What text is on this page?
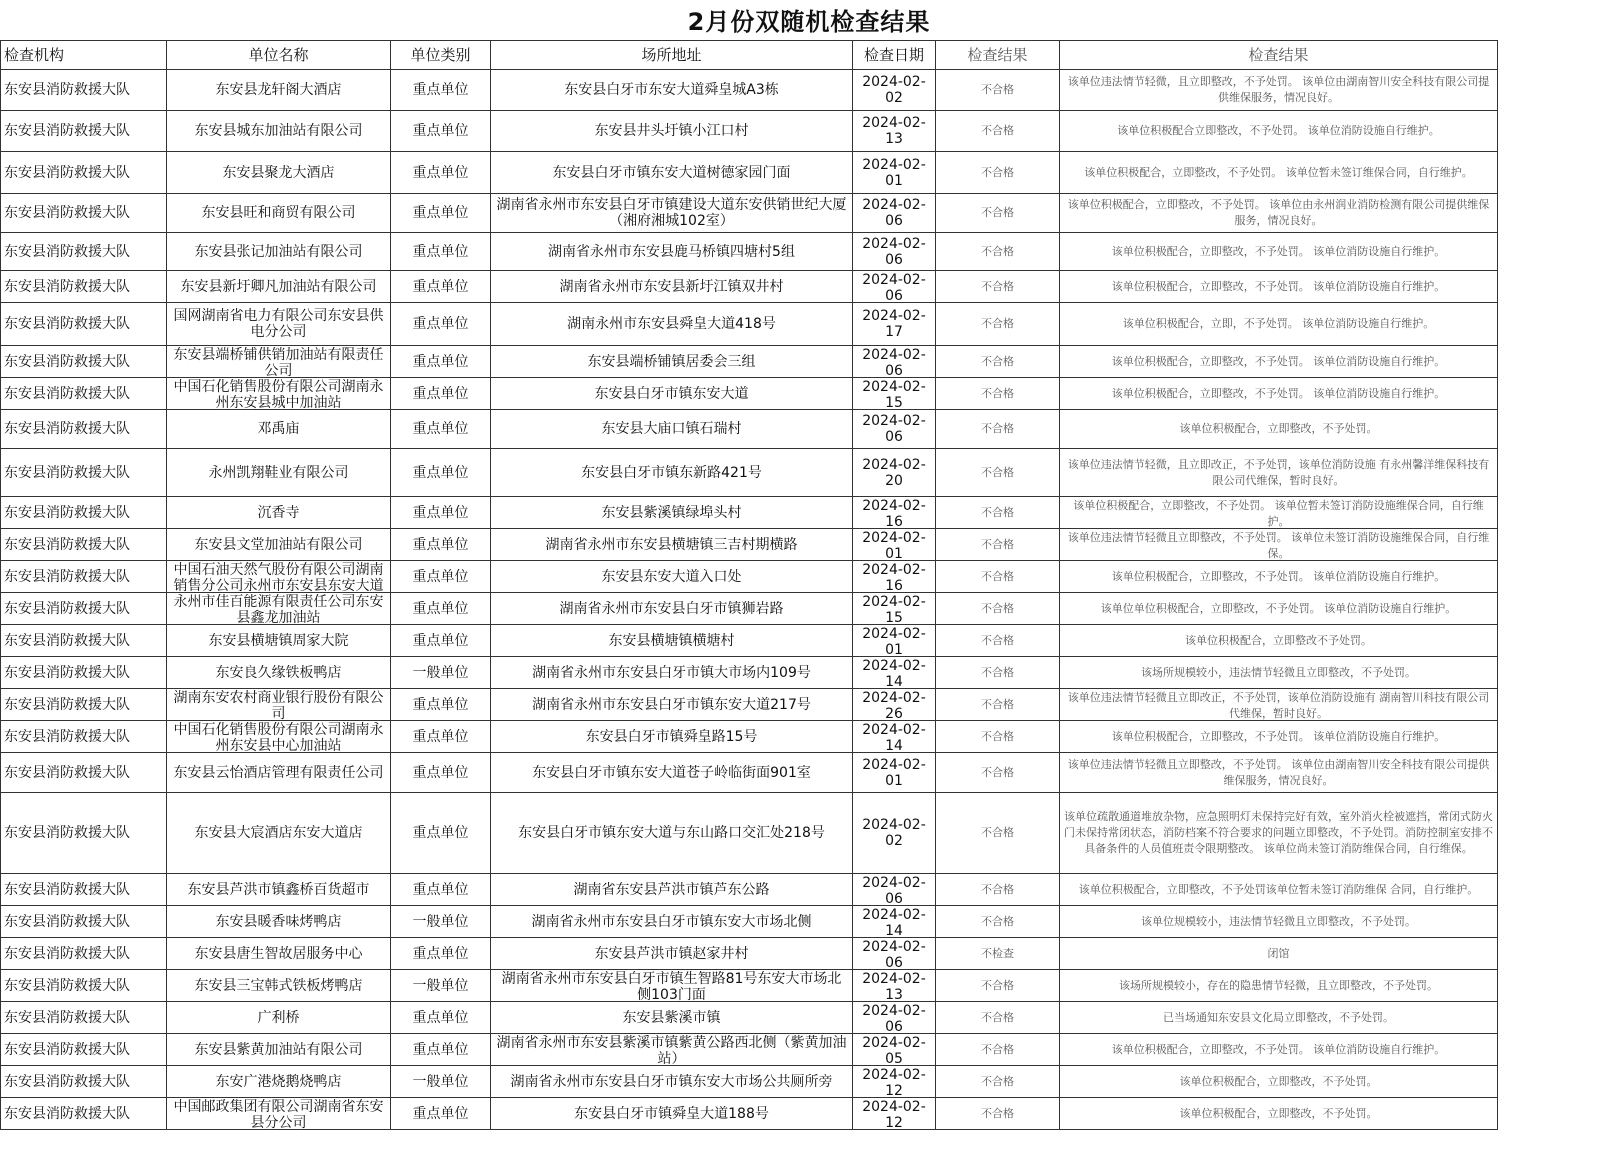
2月份双随机检查结果
检查机构	单位名称	单位类别	场所地址	检查日期	检查结果	检查结果

东安县消防救援大队	东安县龙轩阁大酒店	重点单位	东安县白牙市东安大道舜皇城A3栋	2024-02-02	不合格	该单位违法情节轻微，且立即整改，不予处罚。 该单位由湖南智川安全科技有限公司提供维保服务，情况良好。

东安县消防救援大队	东安县城东加油站有限公司	重点单位	东安县井头圩镇小江口村	2024-02-13	不合格	该单位积极配合立即整改，不予处罚。 该单位消防设施自行维护。

东安县消防救援大队	东安县聚龙大酒店	重点单位	东安县白牙市镇东安大道树德家园门面	2024-02-01	不合格	该单位积极配合，立即整改，不予处罚。 该单位暂未签订维保合同，自行维护。

东安县消防救援大队	东安县旺和商贸有限公司	重点单位	湖南省永州市东安县白牙市镇建设大道东安供销世纪大厦（湘府湘城102室）	2024-02-06	不合格	该单位积极配合，立即整改，不予处罚。 该单位由永州润业消防检测有限公司提供维保服务，情况良好。

东安县消防救援大队	东安县张记加油站有限公司	重点单位	湖南省永州市东安县鹿马桥镇四塘村5组	2024-02-06	不合格	该单位积极配合，立即整改，不予处罚。 该单位消防设施自行维护。

东安县消防救援大队	东安县新圩卿凡加油站有限公司	重点单位	湖南省永州市东安县新圩江镇双井村	2024-02-06	不合格	该单位积极配合，立即整改，不予处罚。 该单位消防设施自行维护。

东安县消防救援大队	国网湖南省电力有限公司东安县供电分公司	重点单位	湖南永州市东安县舜皇大道418号	2024-02-17	不合格	该单位积极配合，立即，不予处罚。 该单位消防设施自行维护。

东安县消防救援大队	东安县端桥铺供销加油站有限责任公司	重点单位	东安县端桥铺镇居委会三组	2024-02-06	不合格	该单位积极配合，立即整改，不予处罚。 该单位消防设施自行维护。

东安县消防救援大队	中国石化销售股份有限公司湖南永州东安县城中加油站	重点单位	东安县白牙市镇东安大道	2024-02-15	不合格	该单位积极配合，立即整改，不予处罚。 该单位消防设施自行维护。

东安县消防救援大队	邓禹庙	重点单位	东安县大庙口镇石瑞村	2024-02-06	不合格	该单位积极配合，立即整改，不予处罚。

东安县消防救援大队	永州凯翔鞋业有限公司	重点单位	东安县白牙市镇东新路421号	2024-02-20	不合格	该单位违法情节轻微，且立即改正，不予处罚，该单位消防设施 有永州馨洋维保科技有限公司代维保，暂时良好。

东安县消防救援大队	沉香寺	重点单位	东安县紫溪镇绿埠头村	2024-02-16	不合格	该单位积极配合，立即整改，不予处罚。 该单位暂未签订消防设施维保合同，自行维护。

东安县消防救援大队	东安县文堂加油站有限公司	重点单位	湖南省永州市东安县横塘镇三吉村期横路	2024-02-01	不合格	该单位违法情节轻微且立即整改，不予处罚。 该单位未签订消防设施维保合同，自行维保。

东安县消防救援大队	中国石油天然气股份有限公司湖南销售分公司永州市东安县东安大道	重点单位	东安县东安大道入口处	2024-02-16	不合格	该单位积极配合，立即整改，不予处罚。 该单位消防设施自行维护。

东安县消防救援大队	永州市佳百能源有限责任公司东安县鑫龙加油站	重点单位	湖南省永州市东安县白牙市镇狮岩路	2024-02-15	不合格	该单位单位积极配合，立即整改，不予处罚。 该单位消防设施自行维护。

东安县消防救援大队	东安县横塘镇周家大院	重点单位	东安县横塘镇横塘村	2024-02-01	不合格	该单位积极配合，立即整改不予处罚。

东安县消防救援大队	东安良久缘铁板鸭店	一般单位	湖南省永州市东安县白牙市镇大市场内109号	2024-02-14	不合格	该场所规模较小，违法情节轻微且立即整改，不予处罚。

东安县消防救援大队	湖南东安农村商业银行股份有限公司	重点单位	湖南省永州市东安县白牙市镇东安大道217号	2024-02-26	不合格	该单位违法情节轻微且立即改正，不予处罚，该单位消防设施有 湖南智川科技有限公司代维保，暂时良好。

东安县消防救援大队	中国石化销售股份有限公司湖南永州东安县中心加油站	重点单位	东安县白牙市镇舜皇路15号	2024-02-14	不合格	该单位积极配合，立即整改，不予处罚。 该单位消防设施自行维护。

东安县消防救援大队	东安县云怡酒店管理有限责任公司	重点单位	东安县白牙市镇东安大道苍子岭临街面901室	2024-02-01	不合格	该单位违法情节轻微且立即整改，不予处罚。 该单位由湖南智川安全科技有限公司提供维保服务，情况良好。

东安县消防救援大队	东安县大宸酒店东安大道店	重点单位	东安县白牙市镇东安大道与东山路口交汇处218号	2024-02-02	不合格	该单位疏散通道堆放杂物，应急照明灯未保持完好有效，室外消火栓被遮挡，常闭式防火门未保持常闭状态，消防档案不符合要求的问题立即整改，不予处罚。消防控制室安排不具备条件的人员值班责令限期整改。 该单位尚未签订消防维保合同，自行维保。

东安县消防救援大队	东安县芦洪市镇鑫桥百货超市	重点单位	湖南省东安县芦洪市镇芦东公路	2024-02-06	不合格	该单位积极配合，立即整改，不予处罚该单位暂未签订消防维保 合同，自行维护。

东安县消防救援大队	东安县暖香味烤鸭店	一般单位	湖南省永州市东安县白牙市镇东安大市场北侧	2024-02-14	不合格	该单位规模较小，违法情节轻微且立即整改，不予处罚。

东安县消防救援大队	东安县唐生智故居服务中心	重点单位	东安县芦洪市镇赵家井村	2024-02-06	不检查	闭馆

东安县消防救援大队	东安县三宝韩式铁板烤鸭店	一般单位	湖南省永州市东安县白牙市镇生智路81号东安大市场北侧103门面	2024-02-13	不合格	该场所规模较小，存在的隐患情节轻微，且立即整改，不予处罚。

东安县消防救援大队	广利桥	重点单位	东安县紫溪市镇	2024-02-06	不合格	已当场通知东安县文化局立即整改，不予处罚。

东安县消防救援大队	东安县紫黄加油站有限公司	重点单位	湖南省永州市东安县紫溪市镇紫黄公路西北侧（紫黄加油站）	2024-02-05	不合格	该单位积极配合，立即整改，不予处罚。 该单位消防设施自行维护。

东安县消防救援大队	东安广港烧鹅烧鸭店	一般单位	湖南省永州市东安县白牙市镇东安大市场公共厕所旁	2024-02-12	不合格	该单位积极配合，立即整改，不予处罚。

东安县消防救援大队	中国邮政集团有限公司湖南省东安县分公司	重点单位	东安县白牙市镇舜皇大道188号	2024-02-12	不合格	该单位积极配合，立即整改，不予处罚。
